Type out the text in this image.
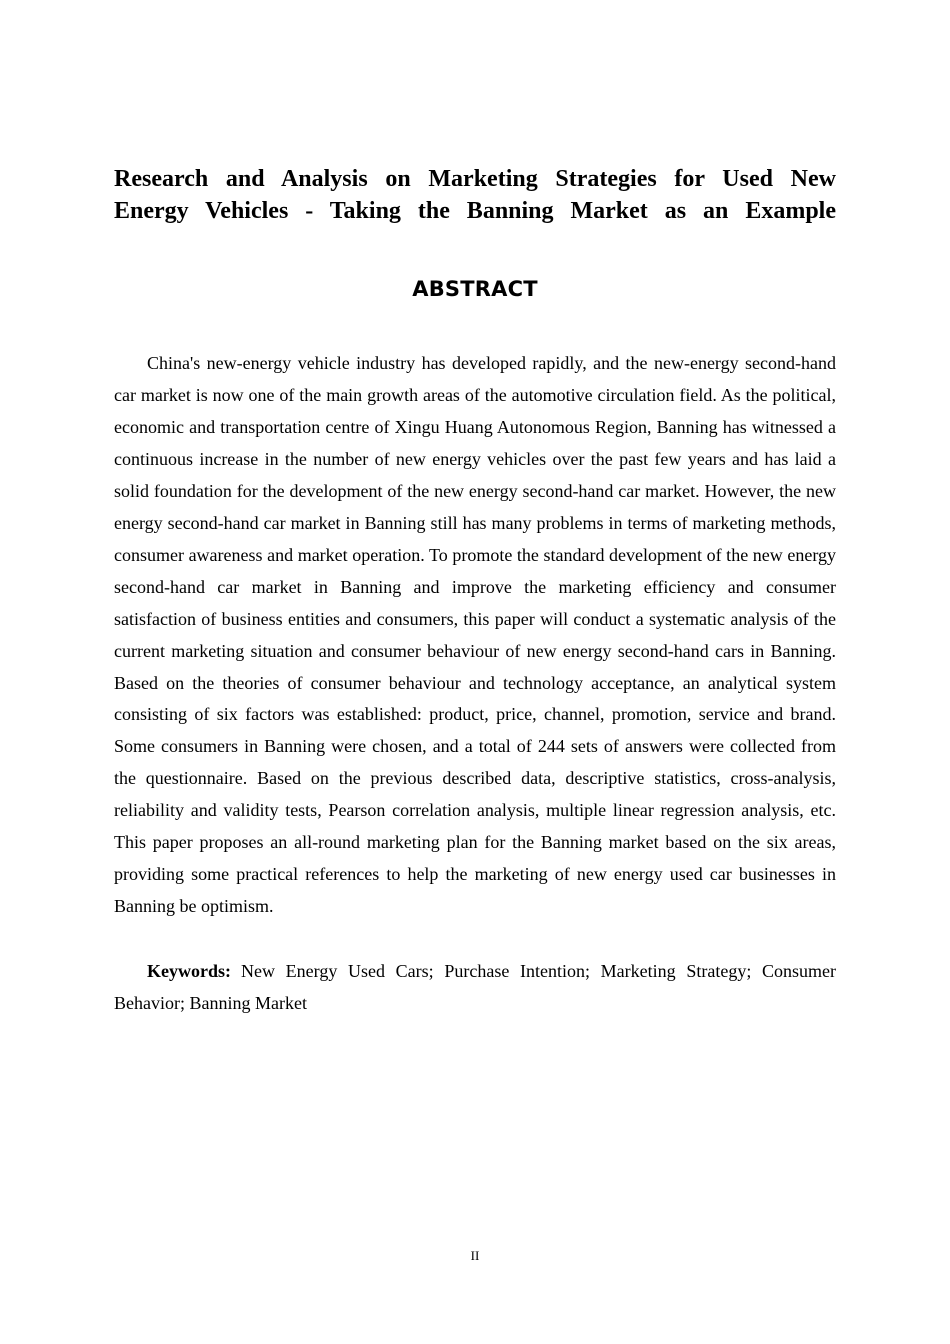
Research and Analysis on Marketing Strategies for Used New
Energy Vehicles - Taking the Banning Market as an Example
ABSTRACT

China's new-energy vehicle industry has developed rapidly, and the new-energy second-hand car market is now one of the main growth areas of the automotive circulation field. As the political, economic and transportation centre of Xingu Huang Autonomous Region, Banning has witnessed a continuous increase in the number of new energy vehicles over the past few years and has laid a solid foundation for the development of the new energy second-hand car market. However, the new energy second-hand car market in Banning still has many problems in terms of marketing methods, consumer awareness and market operation. To promote the standard development of the new energy second-hand car market in Banning and improve the marketing efficiency and consumer satisfaction of business entities and consumers, this paper will conduct a systematic analysis of the current marketing situation and consumer behaviour of new energy second-hand cars in Banning. Based on the theories of consumer behaviour and technology acceptance, an analytical system consisting of six factors was established: product, price, channel, promotion, service and brand. Some consumers in Banning were chosen, and a total of 244 sets of answers were collected from the questionnaire. Based on the previous described data, descriptive statistics, cross-analysis, reliability and validity tests, Pearson correlation analysis, multiple linear regression analysis, etc. This paper proposes an all-round marketing plan for the Banning market based on the six areas, providing some practical references to help the marketing of new energy used car businesses in Banning be optimism.

Keywords: New Energy Used Cars; Purchase Intention; Marketing Strategy; Consumer Behavior; Banning Market

II
